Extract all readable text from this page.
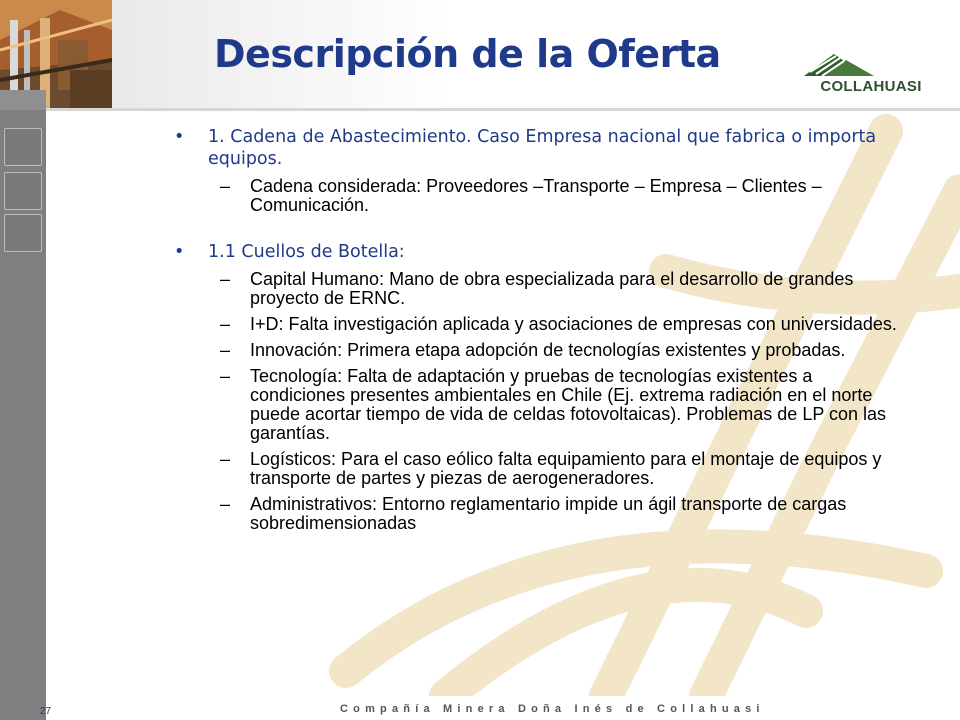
Descripción de la Oferta
COLLAHUASI
• 1. Cadena de Abastecimiento. Caso Empresa nacional que fabrica o importa equipos.
– Cadena considerada: Proveedores –Transporte – Empresa – Clientes – Comunicación.
• 1.1 Cuellos de Botella:
– Capital Humano: Mano de obra especializada para el desarrollo de grandes proyecto de ERNC.
– I+D: Falta investigación aplicada y asociaciones de empresas con universidades.
– Innovación: Primera etapa adopción de tecnologías existentes y probadas.
– Tecnología: Falta de adaptación y pruebas de tecnologías existentes a condiciones presentes ambientales en Chile (Ej. extrema radiación en el norte puede acortar tiempo de vida de celdas fotovoltaicas). Problemas de LP con las garantías.
– Logísticos: Para el caso eólico falta equipamiento para el montaje de equipos y transporte de partes y piezas de aerogeneradores.
– Administrativos: Entorno reglamentario impide un ágil transporte de cargas sobredimensionadas
Compañía Minera Doña Inés de Collahuasi
27
